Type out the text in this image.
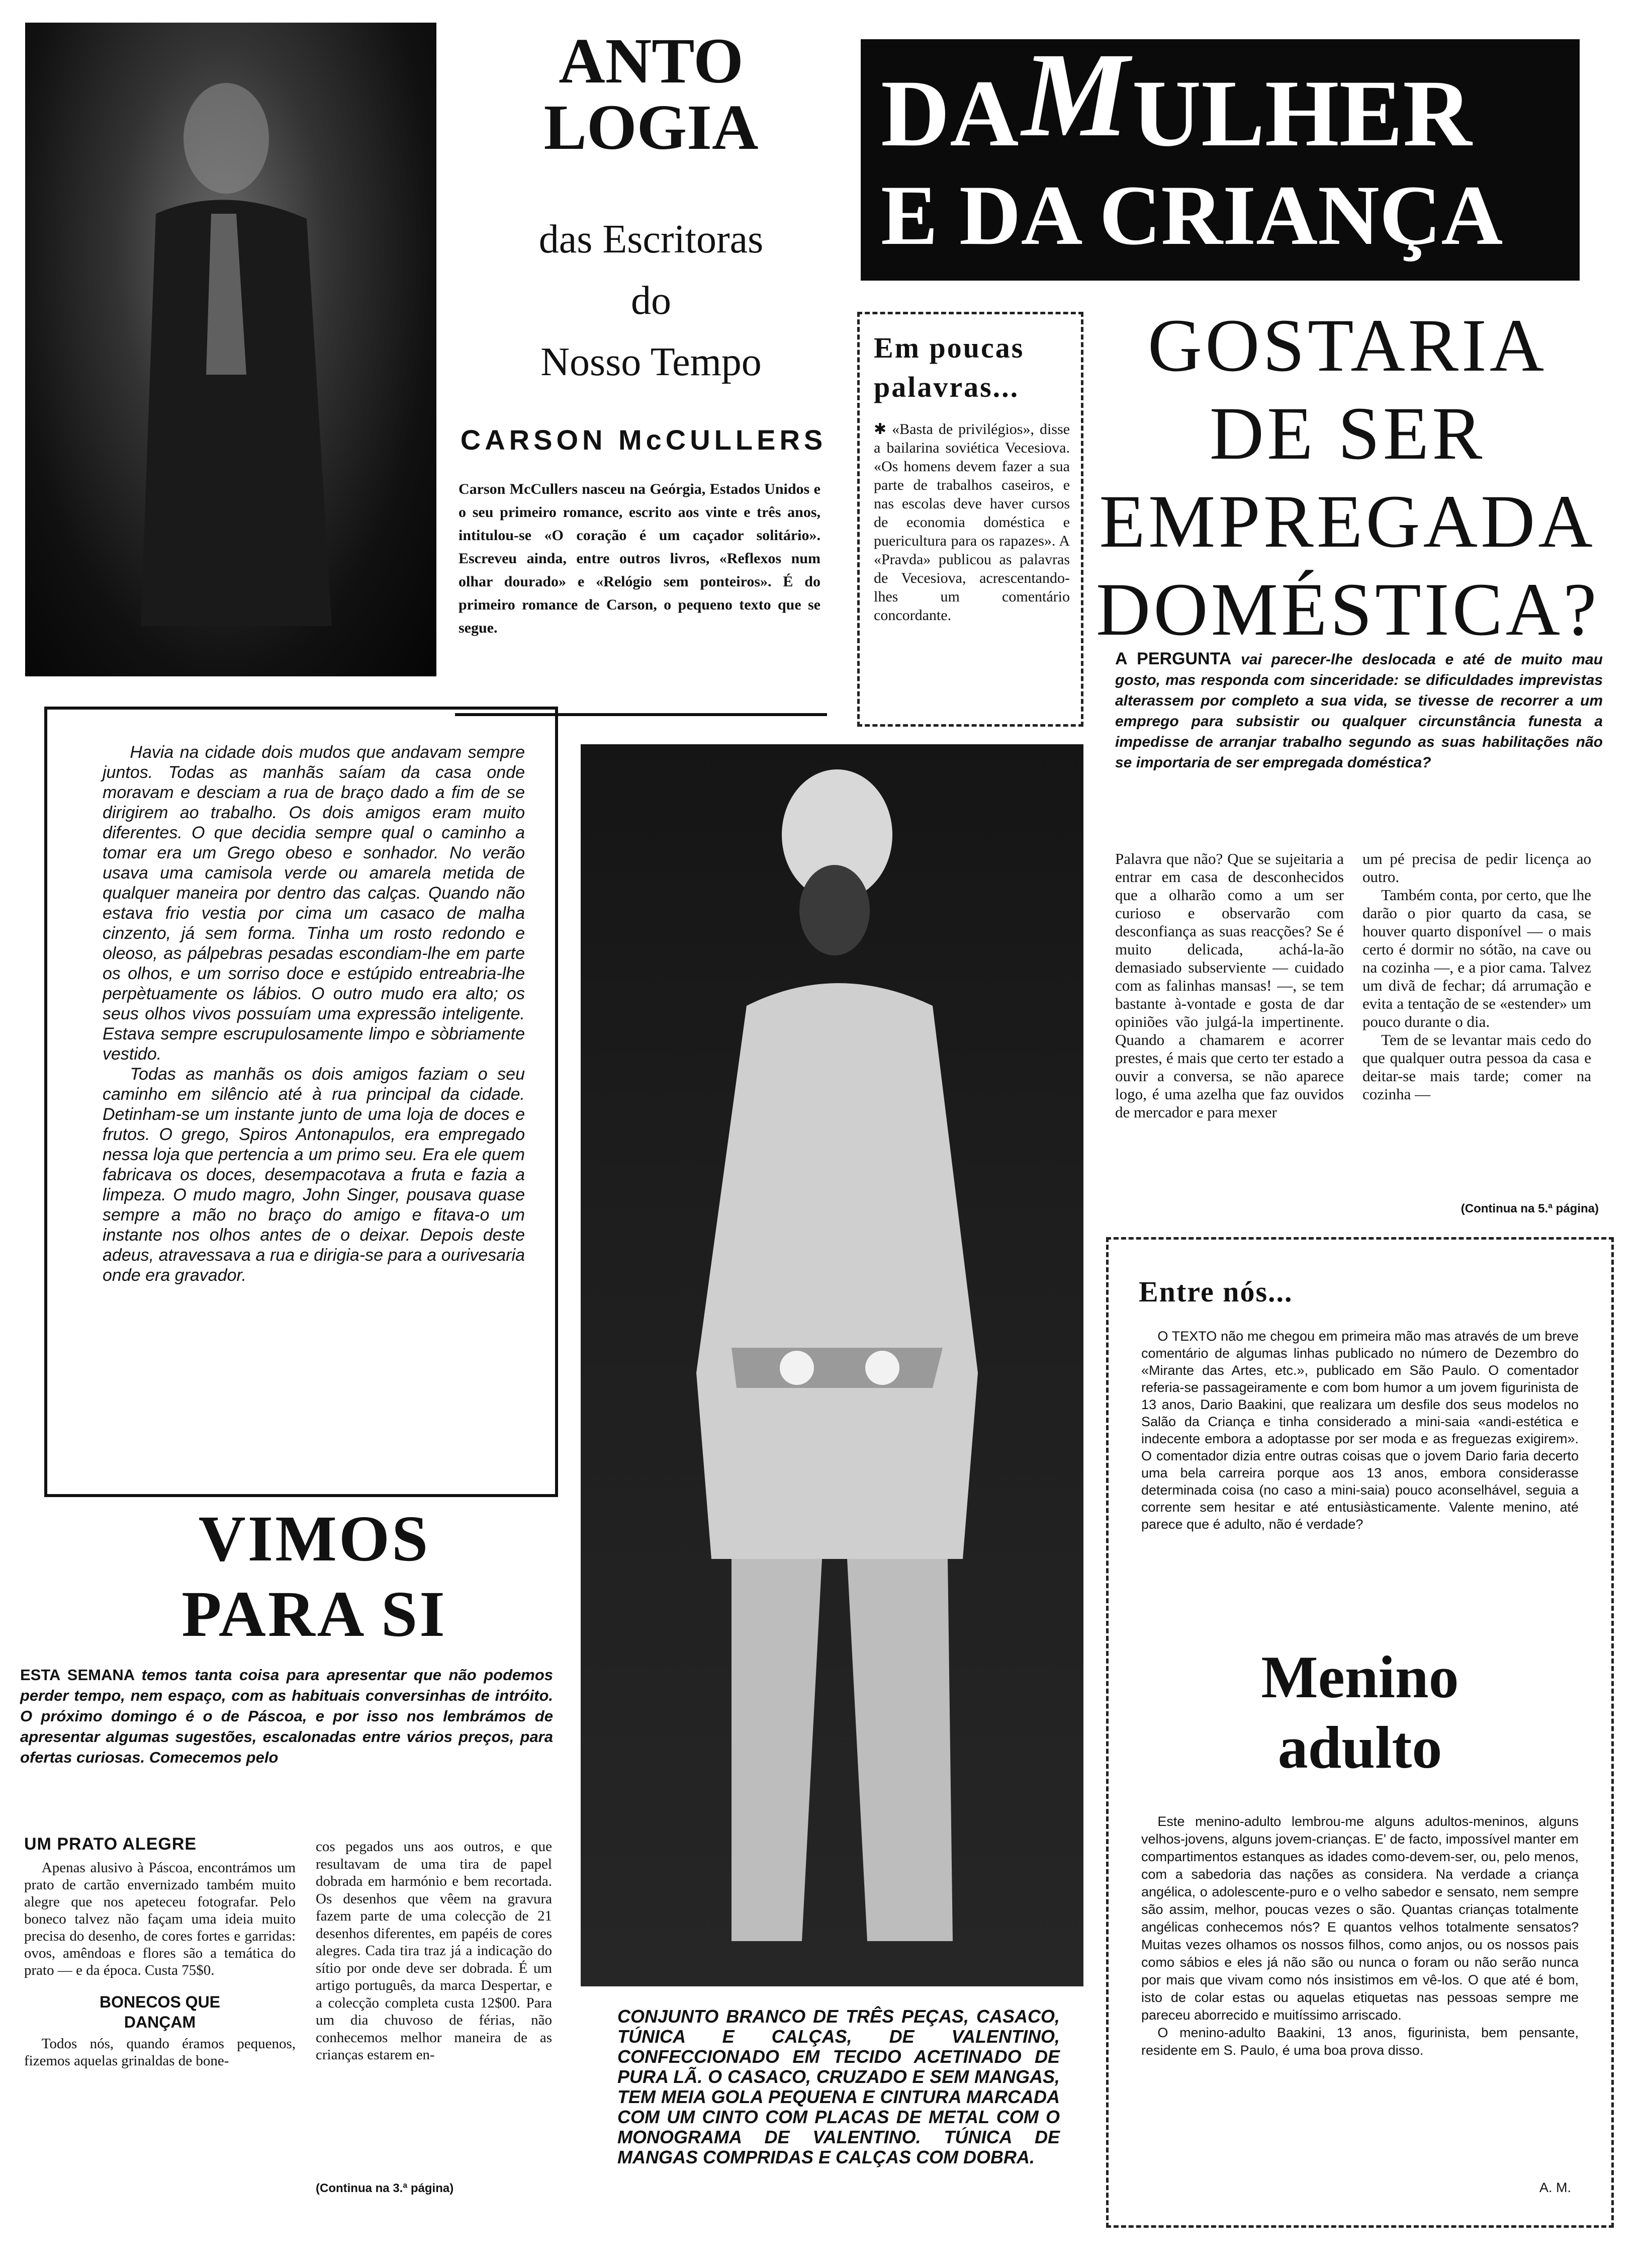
ANTO
LOGIA
das Escritoras
do
Nosso Tempo
CARSON McCULLERS
Carson McCullers nasceu na Geórgia, Estados Unidos e o seu primeiro romance, escrito aos vinte e três anos, intitulou-se «O coração é um caçador solitário». Escreveu ainda, entre outros livros, «Reflexos num olhar dourado» e «Relógio sem ponteiros». É do primeiro romance de Carson, o pequeno texto que se segue.
DAMULHER
E DA CRIANÇA
Em poucas palavras...
✱ «Basta de privilégios», disse a bailarina soviética Vecesiova. «Os homens devem fazer a sua parte de trabalhos caseiros, e nas escolas deve haver cursos de economia doméstica e puericultura para os rapazes». A «Pravda» publicou as palavras de Vecesiova, acrescentando-lhes um comentário concordante.
GOSTARIA
DE SER
EMPREGADA
DOMÉSTICA?
A PERGUNTA vai parecer-lhe deslocada e até de muito mau gosto, mas responda com sinceridade: se dificuldades imprevistas alterassem por completo a sua vida, se tivesse de recorrer a um emprego para subsistir ou qualquer circunstância funesta a impedisse de arranjar trabalho segundo as suas habilitações não se importaria de ser empregada doméstica?
Palavra que não? Que se sujeitaria a entrar em casa de desconhecidos que a olharão como a um ser curioso e observarão com desconfiança as suas reacções? Se é muito delicada, achá-la-ão demasiado subserviente — cuidado com as falinhas mansas! —, se tem bastante à-vontade e gosta de dar opiniões vão julgá-la impertinente. Quando a chamarem e acorrer prestes, é mais que certo ter estado a ouvir a conversa, se não aparece logo, é uma azelha que faz ouvidos de mercador e para mexer

um pé precisa de pedir licença ao outro.

Também conta, por certo, que lhe darão o pior quarto da casa, se houver quarto disponível — o mais certo é dormir no sótão, na cave ou na cozinha —, e a pior cama. Talvez um divã de fechar; dá arrumação e evita a tentação de se «estender» um pouco durante o dia.

Tem de se levantar mais cedo do que qualquer outra pessoa da casa e deitar-se mais tarde; comer na cozinha —

(Continua na 5.ª página)

Havia na cidade dois mudos que andavam sempre juntos. Todas as manhãs saíam da casa onde moravam e desciam a rua de braço dado a fim de se dirigirem ao trabalho. Os dois amigos eram muito diferentes. O que decidia sempre qual o caminho a tomar era um Grego obeso e sonhador. No verão usava uma camisola verde ou amarela metida de qualquer maneira por dentro das calças. Quando não estava frio vestia por cima um casaco de malha cinzento, já sem forma. Tinha um rosto redondo e oleoso, as pálpebras pesadas escondiam-lhe em parte os olhos, e um sorriso doce e estúpido entreabria-lhe perpètuamente os lábios. O outro mudo era alto; os seus olhos vivos possuíam uma expressão inteligente. Estava sempre escrupulosamente limpo e sòbriamente vestido.

Todas as manhãs os dois amigos faziam o seu caminho em silêncio até à rua principal da cidade. Detinham-se um instante junto de uma loja de doces e frutos. O grego, Spiros Antonapulos, era empregado nessa loja que pertencia a um primo seu. Era ele quem fabricava os doces, desempacotava a fruta e fazia a limpeza. O mudo magro, John Singer, pousava quase sempre a mão no braço do amigo e fitava-o um instante nos olhos antes de o deixar. Depois deste adeus, atravessava a rua e dirigia-se para a ourivesaria onde era gravador.

CONJUNTO BRANCO DE TRÊS PEÇAS, CASACO, TÚNICA E CALÇAS, DE VALENTINO, CONFECCIONADO EM TECIDO ACETINADO DE PURA LÃ. O CASACO, CRUZADO E SEM MANGAS, TEM MEIA GOLA PEQUENA E CINTURA MARCADA COM UM CINTO COM PLACAS DE METAL COM O MONOGRAMA DE VALENTINO. TÚNICA DE MANGAS COMPRIDAS E CALÇAS COM DOBRA.
VIMOS
PARA SI
ESTA SEMANA temos tanta coisa para apresentar que não podemos perder tempo, nem espaço, com as habituais conversinhas de intróito. O próximo domingo é o de Páscoa, e por isso nos lembrámos de apresentar algumas sugestões, escalonadas entre vários preços, para ofertas curiosas. Comecemos pelo
UM PRATO ALEGRE
Apenas alusivo à Páscoa, encontrámos um prato de cartão envernizado também muito alegre que nos apeteceu fotografar. Pelo boneco talvez não façam uma ideia muito precisa do desenho, de cores fortes e garridas: ovos, amêndoas e flores são a temática do prato — e da época. Custa 75$0.
BONECOS QUE DANÇAM
Todos nós, quando éramos pequenos, fizemos aquelas grinaldas de bone-
cos pegados uns aos outros, e que resultavam de uma tira de papel dobrada em harmónio e bem recortada. Os desenhos que vêem na gravura fazem parte de uma colecção de 21 desenhos diferentes, em papéis de cores alegres. Cada tira traz já a indicação do sítio por onde deve ser dobrada. É um artigo português, da marca Despertar, e a colecção completa custa 12$00. Para um dia chuvoso de férias, não conhecemos melhor maneira de as crianças estarem en-
(Continua na 3.ª página)
Entre nós...
O TEXTO não me chegou em primeira mão mas através de um breve comentário de algumas linhas publicado no número de Dezembro do «Mirante das Artes, etc.», publicado em São Paulo. O comentador referia-se passageiramente e com bom humor a um jovem figurinista de 13 anos, Dario Baakini, que realizara um desfile dos seus modelos no Salão da Criança e tinha considerado a mini-saia «andi-estética e indecente embora a adoptasse por ser moda e as freguezas exigirem». O comentador dizia entre outras coisas que o jovem Dario faria decerto uma bela carreira porque aos 13 anos, embora considerasse determinada coisa (no caso a mini-saia) pouco aconselhável, seguia a corrente sem hesitar e até entusiàsticamente. Valente menino, até parece que é adulto, não é verdade?
Menino
adulto

Este menino-adulto lembrou-me alguns adultos-meninos, alguns velhos-jovens, alguns jovem-crianças. E' de facto, impossível manter em compartimentos estanques as idades como-devem-ser, ou, pelo menos, com a sabedoria das nações as considera. Na verdade a criança angélica, o adolescente-puro e o velho sabedor e sensato, nem sempre são assim, melhor, poucas vezes o são. Quantas crianças totalmente angélicas conhecemos nós? E quantos velhos totalmente sensatos? Muitas vezes olhamos os nossos filhos, como anjos, ou os nossos pais como sábios e eles já não são ou nunca o foram ou não serão nunca por mais que vivam como nós insistimos em vê-los. O que até é bom, isto de colar estas ou aquelas etiquetas nas pessoas sempre me pareceu aborrecido e muitíssimo arriscado.

O menino-adulto Baakini, 13 anos, figurinista, bem pensante, residente em S. Paulo, é uma boa prova disso.

A. M.
